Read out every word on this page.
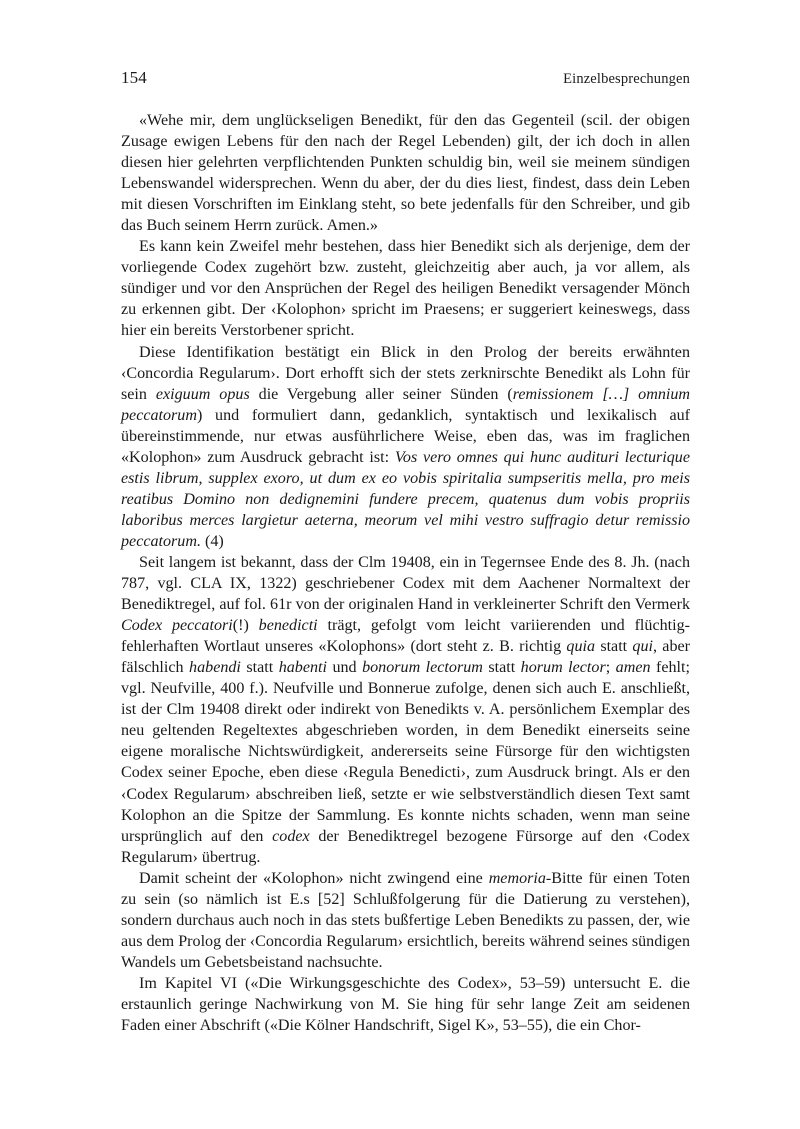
154	Einzelbesprechungen

«Wehe mir, dem unglückseligen Benedikt, für den das Gegenteil (scil. der obigen Zusage ewigen Lebens für den nach der Regel Lebenden) gilt, der ich doch in allen diesen hier gelehrten verpflichtenden Punkten schuldig bin, weil sie meinem sündigen Lebenswandel widersprechen. Wenn du aber, der du dies liest, findest, dass dein Leben mit diesen Vorschriften im Einklang steht, so bete jedenfalls für den Schreiber, und gib das Buch seinem Herrn zurück. Amen.»

Es kann kein Zweifel mehr bestehen, dass hier Benedikt sich als derjenige, dem der vorliegende Codex zugehört bzw. zusteht, gleichzeitig aber auch, ja vor allem, als sündiger und vor den Ansprüchen der Regel des heiligen Benedikt versagender Mönch zu erkennen gibt. Der ‹Kolophon› spricht im Praesens; er suggeriert keineswegs, dass hier ein bereits Verstorbener spricht.

Diese Identifikation bestätigt ein Blick in den Prolog der bereits erwähnten ‹Concordia Regularum›. Dort erhofft sich der stets zerknirschte Benedikt als Lohn für sein exiguum opus die Vergebung aller seiner Sünden (remissionem […] omnium peccatorum) und formuliert dann, gedanklich, syntaktisch und lexikalisch auf übereinstimmende, nur etwas ausführlichere Weise, eben das, was im fraglichen «Kolophon» zum Ausdruck gebracht ist: Vos vero omnes qui hunc audituri lecturique estis librum, supplex exoro, ut dum ex eo vobis spiritalia sumpseritis mella, pro meis reatibus Domino non dedignemini fundere precem, quatenus dum vobis propriis laboribus merces largietur aeterna, meorum vel mihi vestro suffragio detur remissio peccatorum. (4)

Seit langem ist bekannt, dass der Clm 19408, ein in Tegernsee Ende des 8. Jh. (nach 787, vgl. CLA IX, 1322) geschriebener Codex mit dem Aachener Normaltext der Benediktregel, auf fol. 61r von der originalen Hand in verkleinerter Schrift den Vermerk Codex peccatori(!) benedicti trägt, gefolgt vom leicht variierenden und flüchtig-fehlerhaften Wortlaut unseres «Kolophons» (dort steht z. B. richtig quia statt qui, aber fälschlich habendi statt habenti und bonorum lectorum statt horum lector; amen fehlt; vgl. Neufville, 400 f.). Neufville und Bonnerue zufolge, denen sich auch E. anschließt, ist der Clm 19408 direkt oder indirekt von Benedikts v. A. persönlichem Exemplar des neu geltenden Regeltextes abgeschrieben worden, in dem Benedikt einerseits seine eigene moralische Nichtswürdigkeit, andererseits seine Fürsorge für den wichtigsten Codex seiner Epoche, eben diese ‹Regula Benedicti›, zum Ausdruck bringt. Als er den ‹Codex Regularum› abschreiben ließ, setzte er wie selbstverständlich diesen Text samt Kolophon an die Spitze der Sammlung. Es konnte nichts schaden, wenn man seine ursprünglich auf den codex der Benediktregel bezogene Fürsorge auf den ‹Codex Regularum› übertrug.

Damit scheint der «Kolophon» nicht zwingend eine memoria-Bitte für einen Toten zu sein (so nämlich ist E.s [52] Schlußfolgerung für die Datierung zu verstehen), sondern durchaus auch noch in das stets bußfertige Leben Benedikts zu passen, der, wie aus dem Prolog der ‹Concordia Regularum› ersichtlich, bereits während seines sündigen Wandels um Gebetsbeistand nachsuchte.

Im Kapitel VI («Die Wirkungsgeschichte des Codex», 53–59) untersucht E. die erstaunlich geringe Nachwirkung von M. Sie hing für sehr lange Zeit am seidenen Faden einer Abschrift («Die Kölner Handschrift, Sigel K», 53–55), die ein Chor-
